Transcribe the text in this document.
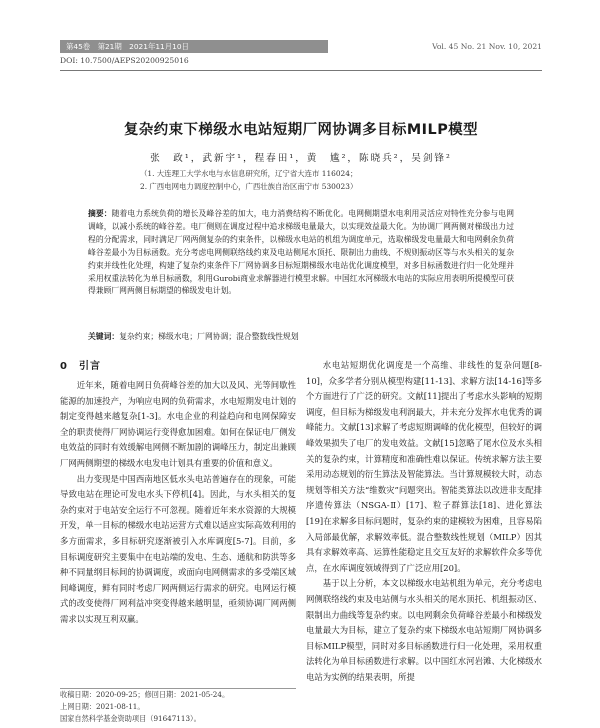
第45卷　第21期　2021年11月10日	Vol. 45 No. 21 Nov. 10, 2021
DOI: 10.7500/AEPS20200925016
复杂约束下梯级水电站短期厂网协调多目标MILP模型
张　政¹，武新宇¹，程春田¹，黄　尴²，陈晓兵²，吴剑锋²
（1. 大连理工大学水电与水信息研究所，辽宁省大连市 116024；
2. 广西电网电力调度控制中心，广西壮族自治区南宁市 530023）
摘要：随着电力系统负荷的增长及峰谷差的加大，电力消费结构不断优化。电网侧期望水电利用灵活应对特性充分参与电网调峰，以减小系统的峰谷差。电厂侧则在调度过程中追求梯级电量最大，以实现效益最大化。为协调厂网两侧对梯级出力过程的分配需求，同时满足厂网两侧复杂的约束条件，以梯级水电站的机组为调度单元，选取梯级发电量最大和电网剩余负荷峰谷差最小为目标函数。充分考虑电网侧联络线约束及电站侧尾水顶托、限制出力曲线、不规则振动区等与水头相关的复杂约束并线性化处理，构建了复杂约束条件下厂网协调多目标短期梯级水电站优化调度模型，对多目标函数进行归一化处理并采用权重法转化为单目标函数，利用Gurobi商业求解器进行模型求解。中国红水河梯级水电站的实际应用表明所提模型可获得兼顾厂网两侧目标期望的梯级发电计划。
关键词：复杂约束；梯级水电；厂网协调；混合整数线性规划
0　引言

近年来，随着电网日负荷峰谷差的加大以及风、光等间歇性能源的加速投产，为响应电网的负荷需求，水电短期发电计划的制定变得越来越复杂[1-3]。水电企业的利益趋向和电网保障安全的职责使得厂网协调运行变得愈加困难。如何在保证电厂侧发电效益的同时有效缓解电网侧不断加剧的调峰压力，制定出兼顾厂网两侧期望的梯级水电发电计划具有重要的价值和意义。

出力变现是中国西南地区低水头电站普遍存在的现象，可能导致电站在理论可发电水头下停机[4]。因此，与水头相关的复杂约束对于电站安全运行不可忽视。随着近年来水资源的大规模开发，单一目标的梯级水电站运营方式难以适应实际高效利用的多方面需求，多目标研究逐渐被引入水库调度[5-7]。目前，多目标调度研究主要集中在电站端的发电、生态、通航和防洪等多种不同量纲目标间的协调调度，或面向电网侧需求的多受端区域间峰调度，鲜有同时考虑厂网两侧运行需求的研究。电网运行模式的改变使得厂网利益冲突变得越来越明显，亟须协调厂网两侧需求以实现互利双赢。

收稿日期：2020-09-25；修回日期：2021-05-24。
上网日期：2021-08-11。
国家自然科学基金资助项目（91647113）。

水电站短期优化调度是一个高维、非线性的复杂问题[8-10]，众多学者分别从模型构建[11-13]、求解方法[14-16]等多个方面进行了广泛的研究。文献[11]提出了考虑水头影响的短期调度，但目标为梯级发电利润最大，并未充分发挥水电优秀的调峰能力。文献[13]求解了考虑短期调峰的优化模型，但较好的调峰效果损失了电厂的发电效益。文献[15]忽略了尾水位及水头相关的复杂约束，计算精度和准确性难以保证。传统求解方法主要采用动态规划的衍生算法及智能算法。当计算规模较大时，动态规划等相关方法“维数灾”问题突出。智能类算法以改进非支配排序遗传算法（NSGA-Ⅱ）[17]、粒子群算法[18]、进化算法[19]在求解多目标问题时，复杂约束的建模较为困难，且容易陷入局部最优解，求解效率低。混合整数线性规划（MILP）因其具有求解效率高、运算性能稳定且交互友好的求解软件众多等优点，在水库调度领域得到了广泛应用[20]。

基于以上分析，本文以梯级水电站机组为单元，充分考虑电网侧联络线约束及电站侧与水头相关的尾水顶托、机组振动区、限制出力曲线等复杂约束。以电网剩余负荷峰谷差最小和梯级发电量最大为目标，建立了复杂约束下梯级水电站短期厂网协调多目标MILP模型，同时对多目标函数进行归一化处理，采用权重法转化为单目标函数进行求解。以中国红水河岩滩、大化梯级水电站为实例的结果表明，所提
